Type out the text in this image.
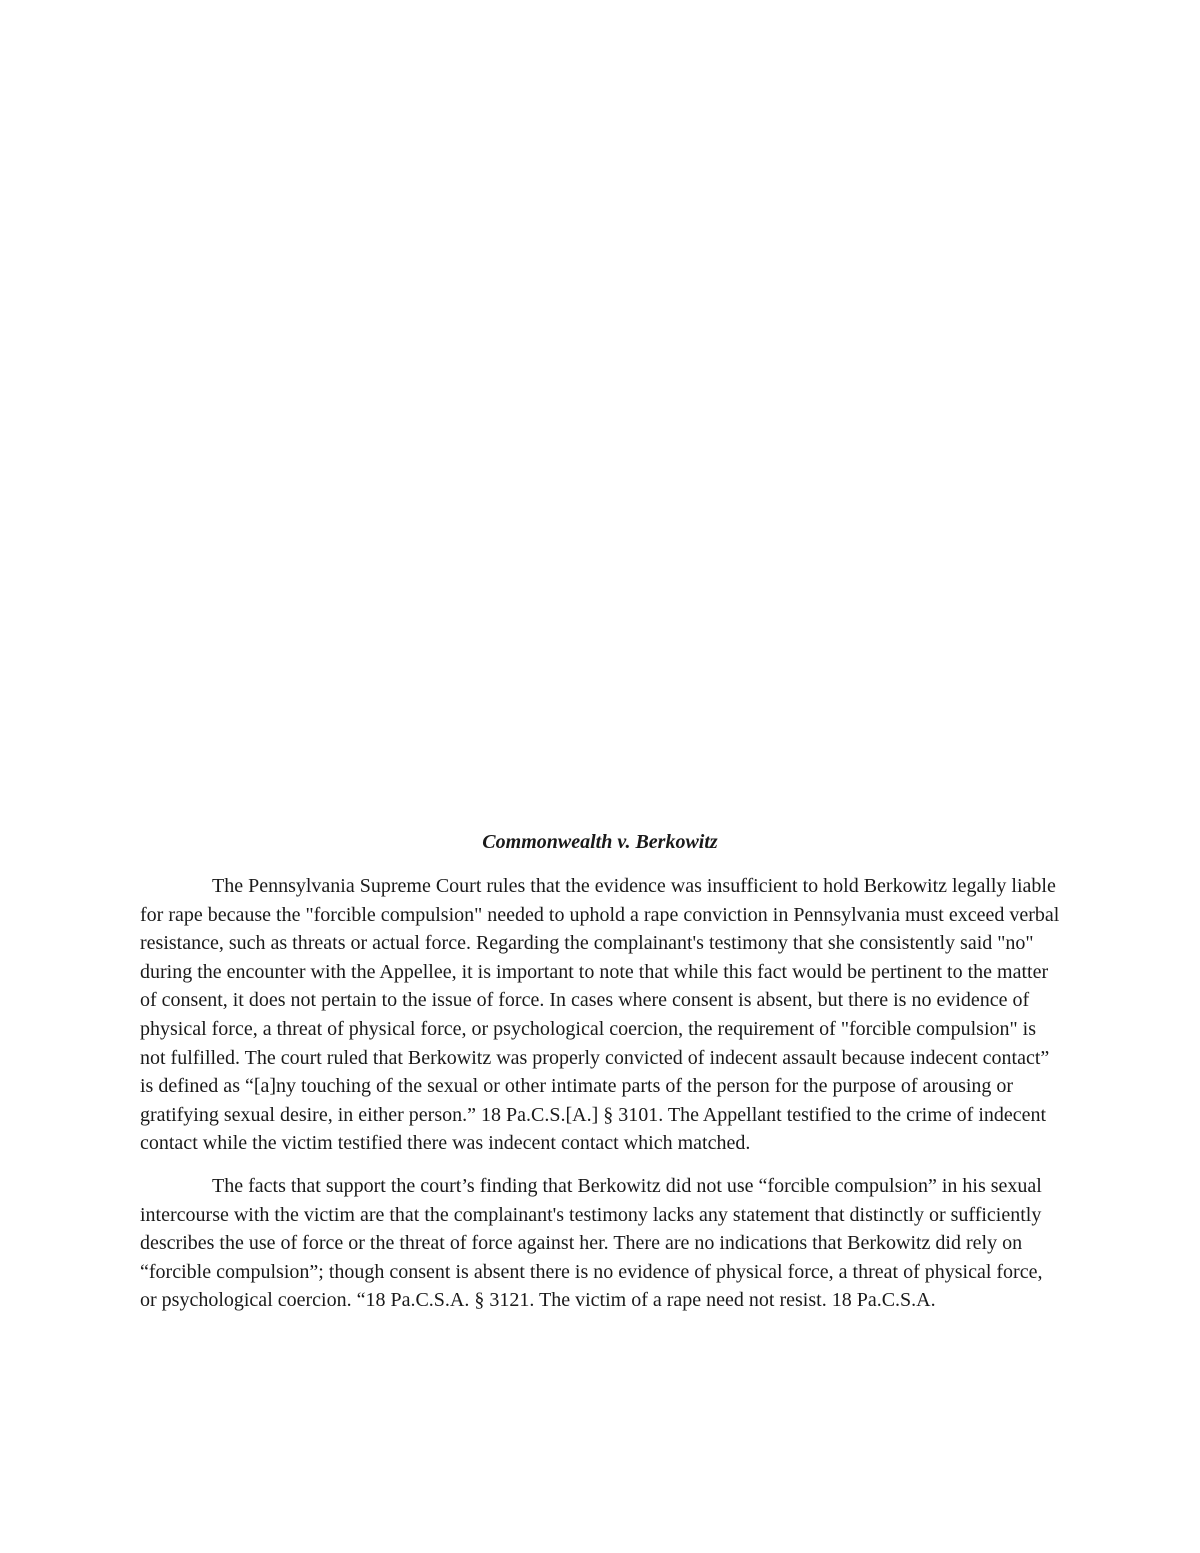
Commonwealth v. Berkowitz

The Pennsylvania Supreme Court rules that the evidence was insufficient to hold Berkowitz legally liable for rape because the "forcible compulsion" needed to uphold a rape conviction in Pennsylvania must exceed verbal resistance, such as threats or actual force. Regarding the complainant's testimony that she consistently said "no" during the encounter with the Appellee, it is important to note that while this fact would be pertinent to the matter of consent, it does not pertain to the issue of force. In cases where consent is absent, but there is no evidence of physical force, a threat of physical force, or psychological coercion, the requirement of "forcible compulsion" is not fulfilled. The court ruled that Berkowitz was properly convicted of indecent assault because indecent contact” is defined as “[a]ny touching of the sexual or other intimate parts of the person for the purpose of arousing or gratifying sexual desire, in either person.” 18 Pa.C.S.[A.] § 3101. The Appellant testified to the crime of indecent contact while the victim testified there was indecent contact which matched.

The facts that support the court’s finding that Berkowitz did not use “forcible compulsion” in his sexual intercourse with the victim are that the complainant's testimony lacks any statement that distinctly or sufficiently describes the use of force or the threat of force against her. There are no indications that Berkowitz did rely on “forcible compulsion”; though consent is absent there is no evidence of physical force, a threat of physical force, or psychological coercion. “18 Pa.C.S.A. § 3121. The victim of a rape need not resist. 18 Pa.C.S.A.
